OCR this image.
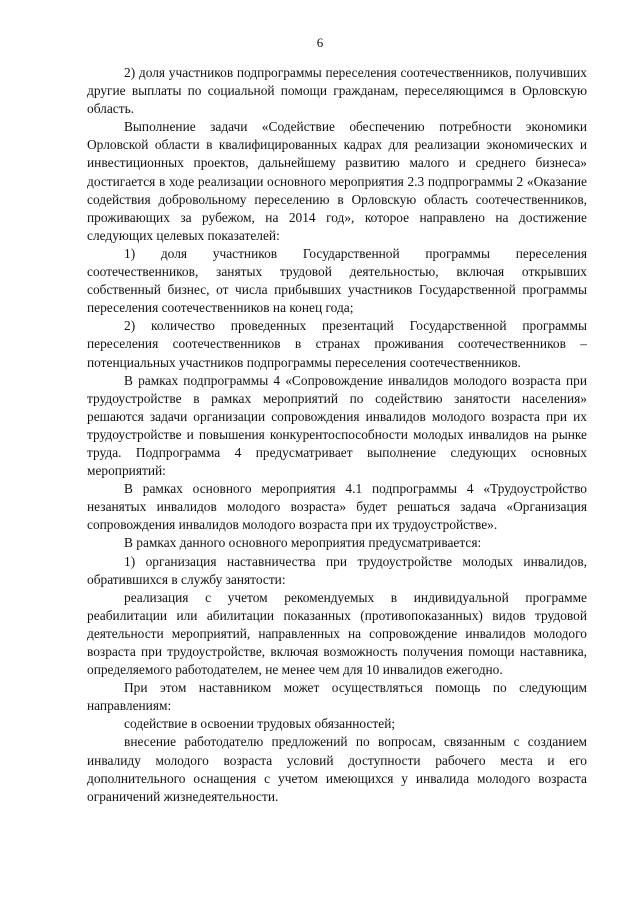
6

2) доля участников подпрограммы переселения соотечественников, получивших другие выплаты по социальной помощи гражданам, переселяющимся в Орловскую область.

Выполнение задачи «Содействие обеспечению потребности экономики Орловской области в квалифицированных кадрах для реализации экономических и инвестиционных проектов, дальнейшему развитию малого и среднего бизнеса» достигается в ходе реализации основного мероприятия 2.3 подпрограммы 2 «Оказание содействия добровольному переселению в Орловскую область соотечественников, проживающих за рубежом, на 2014 год», которое направлено на достижение следующих целевых показателей:

1) доля участников Государственной программы переселения соотечественников, занятых трудовой деятельностью, включая открывших собственный бизнес, от числа прибывших участников Государственной программы переселения соотечественников на конец года;

2) количество проведенных презентаций Государственной программы переселения соотечественников в странах проживания соотечественников – потенциальных участников подпрограммы переселения соотечественников.

В рамках подпрограммы 4 «Сопровождение инвалидов молодого возраста при трудоустройстве в рамках мероприятий по содействию занятости населения» решаются задачи организации сопровождения инвалидов молодого возраста при их трудоустройстве и повышения конкурентоспособности молодых инвалидов на рынке труда. Подпрограмма 4 предусматривает выполнение следующих основных мероприятий:

В рамках основного мероприятия 4.1 подпрограммы 4 «Трудоустройство незанятых инвалидов молодого возраста» будет решаться задача «Организация сопровождения инвалидов молодого возраста при их трудоустройстве».

В рамках данного основного мероприятия предусматривается:

1) организация наставничества при трудоустройстве молодых инвалидов, обратившихся в службу занятости:

реализация с учетом рекомендуемых в индивидуальной программе реабилитации или абилитации показанных (противопоказанных) видов трудовой деятельности мероприятий, направленных на сопровождение инвалидов молодого возраста при трудоустройстве, включая возможность получения помощи наставника, определяемого работодателем, не менее чем для 10 инвалидов ежегодно.

При этом наставником может осуществляться помощь по следующим направлениям:

содействие в освоении трудовых обязанностей;

внесение работодателю предложений по вопросам, связанным с созданием инвалиду молодого возраста условий доступности рабочего места и его дополнительного оснащения с учетом имеющихся у инвалида молодого возраста ограничений жизнедеятельности.
